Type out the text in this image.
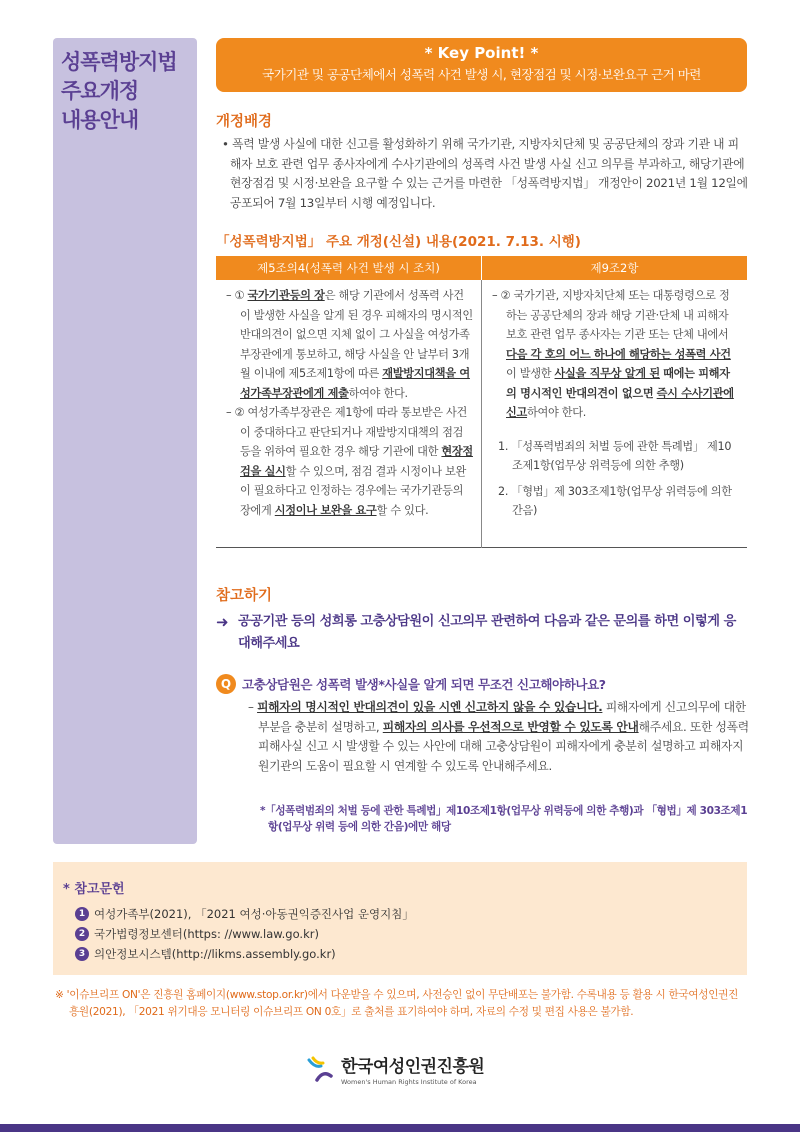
성폭력방지법
주요개정
내용안내
* Key Point! *
국가기관 및 공공단체에서 성폭력 사건 발생 시, 현장점검 및 시정·보완요구 근거 마련
개정배경
• 폭력 발생 사실에 대한 신고를 활성화하기 위해 국가기관, 지방자치단체 및 공공단체의 장과 기관 내 피해자 보호 관련 업무 종사자에게 수사기관에의 성폭력 사건 발생 사실 신고 의무를 부과하고, 해당기관에 현장점검 및 시정·보완을 요구할 수 있는 근거를 마련한 「성폭력방지법」 개정안이 2021년 1월 12일에 공포되어 7월 13일부터 시행 예정입니다.
「성폭력방지법」 주요 개정(신설) 내용(2021. 7.13. 시행)
제5조의4(성폭력 사건 발생 시 조치)	제9조2항
– ① 국가기관등의 장은 해당 기관에서 성폭력 사건이 발생한 사실을 알게 된 경우 피해자의 명시적인 반대의견이 없으면 지체 없이 그 사실을 여성가족부장관에게 통보하고, 해당 사실을 안 날부터 3개월 이내에 제5조제1항에 따른 재발방지대책을 여성가족부장관에게 제출하여야 한다.
– ② 여성가족부장관은 제1항에 따라 통보받은 사건이 중대하다고 판단되거나 재발방지대책의 점검 등을 위하여 필요한 경우 해당 기관에 대한 현장점검을 실시할 수 있으며, 점검 결과 시정이나 보완이 필요하다고 인정하는 경우에는 국가기관등의 장에게 시정이나 보완을 요구할 수 있다.
– ② 국가기관, 지방자치단체 또는 대통령령으로 정하는 공공단체의 장과 해당 기관·단체 내 피해자 보호 관련 업무 종사자는 기관 또는 단체 내에서 다음 각 호의 어느 하나에 해당하는 성폭력 사건이 발생한 사실을 직무상 알게 된 때에는 피해자의 명시적인 반대의견이 없으면 즉시 수사기관에 신고하여야 한다.
1. 「성폭력범죄의 처벌 등에 관한 특례법」 제10조제1항(업무상 위력등에 의한 추행)
2. 「형법」제 303조제1항(업무상 위력등에 의한 간음)
참고하기
➜ 공공기관 등의 성희롱 고충상담원이 신고의무 관련하여 다음과 같은 문의를 하면 이렇게 응대해주세요
Q 고충상담원은 성폭력 발생*사실을 알게 되면 무조건 신고해야하나요?
– 피해자의 명시적인 반대의견이 있을 시엔 신고하지 않을 수 있습니다. 피해자에게 신고의무에 대한 부분을 충분히 설명하고, 피해자의 의사를 우선적으로 반영할 수 있도록 안내해주세요. 또한 성폭력 피해사실 신고 시 발생할 수 있는 사안에 대해 고충상담원이 피해자에게 충분히 설명하고 피해자지원기관의 도움이 필요할 시 연계할 수 있도록 안내해주세요.
*「성폭력범죄의 처벌 등에 관한 특례법」제10조제1항(업무상 위력등에 의한 추행)과 「형법」제 303조제1항(업무상 위력 등에 의한 간음)에만 해당
* 참고문헌
1 여성가족부(2021), 「2021 여성·아동권익증진사업 운영지침」
2 국가법령정보센터(https: //www.law.go.kr)
3 의안정보시스템(http://likms.assembly.go.kr)
※ '이슈브리프 ON'은 진흥원 홈페이지(www.stop.or.kr)에서 다운받을 수 있으며, 사전승인 없이 무단배포는 불가함. 수록내용 등 활용 시 한국여성인권진흥원(2021), 「2021 위기대응 모니터링 이슈브리프 ON 0호」로 출처를 표기하여야 하며, 자료의 수정 및 편집 사용은 불가함.
한국여성인권진흥원
Women's Human Rights Institute of Korea
